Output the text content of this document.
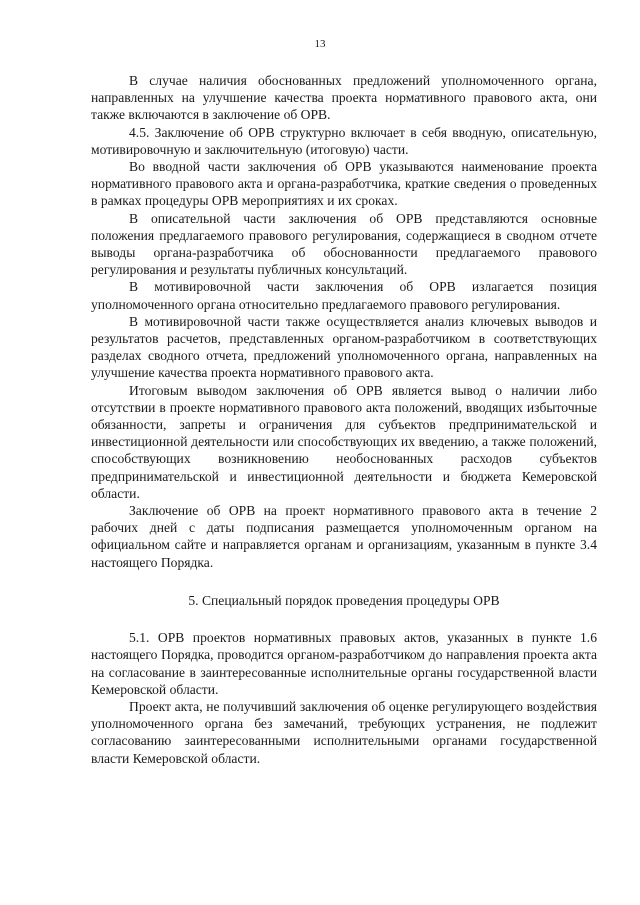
13

В случае наличия обоснованных предложений уполномоченного органа, направленных на улучшение качества проекта нормативного правового акта, они также включаются в заключение об ОРВ.

4.5. Заключение об ОРВ структурно включает в себя вводную, описательную, мотивировочную и заключительную (итоговую) части.

Во вводной части заключения об ОРВ указываются наименование проекта нормативного правового акта и органа-разработчика, краткие сведения о проведенных в рамках процедуры ОРВ мероприятиях и их сроках.

В описательной части заключения об ОРВ представляются основные положения предлагаемого правового регулирования, содержащиеся в сводном отчете выводы органа-разработчика об обоснованности предлагаемого правового регулирования и результаты публичных консультаций.

В мотивировочной части заключения об ОРВ излагается позиция уполномоченного органа относительно предлагаемого правового регулирования.

В мотивировочной части также осуществляется анализ ключевых выводов и результатов расчетов, представленных органом-разработчиком в соответствующих разделах сводного отчета, предложений уполномоченного органа, направленных на улучшение качества проекта нормативного правового акта.

Итоговым выводом заключения об ОРВ является вывод о наличии либо отсутствии в проекте нормативного правового акта положений, вводящих избыточные обязанности, запреты и ограничения для субъектов предпринимательской и инвестиционной деятельности или способствующих их введению, а также положений, способствующих возникновению необоснованных расходов субъектов предпринимательской и инвестиционной деятельности и бюджета Кемеровской области.

Заключение об ОРВ на проект нормативного правового акта в течение 2 рабочих дней с даты подписания размещается уполномоченным органом на официальном сайте и направляется органам и организациям, указанным в пункте 3.4 настоящего Порядка.

5. Специальный порядок проведения процедуры ОРВ

5.1. ОРВ проектов нормативных правовых актов, указанных в пункте 1.6 настоящего Порядка, проводится органом-разработчиком до направления проекта акта на согласование в заинтересованные исполнительные органы государственной власти Кемеровской области.

Проект акта, не получивший заключения об оценке регулирующего воздействия уполномоченного органа без замечаний, требующих устранения, не подлежит согласованию заинтересованными исполнительными органами государственной власти Кемеровской области.
